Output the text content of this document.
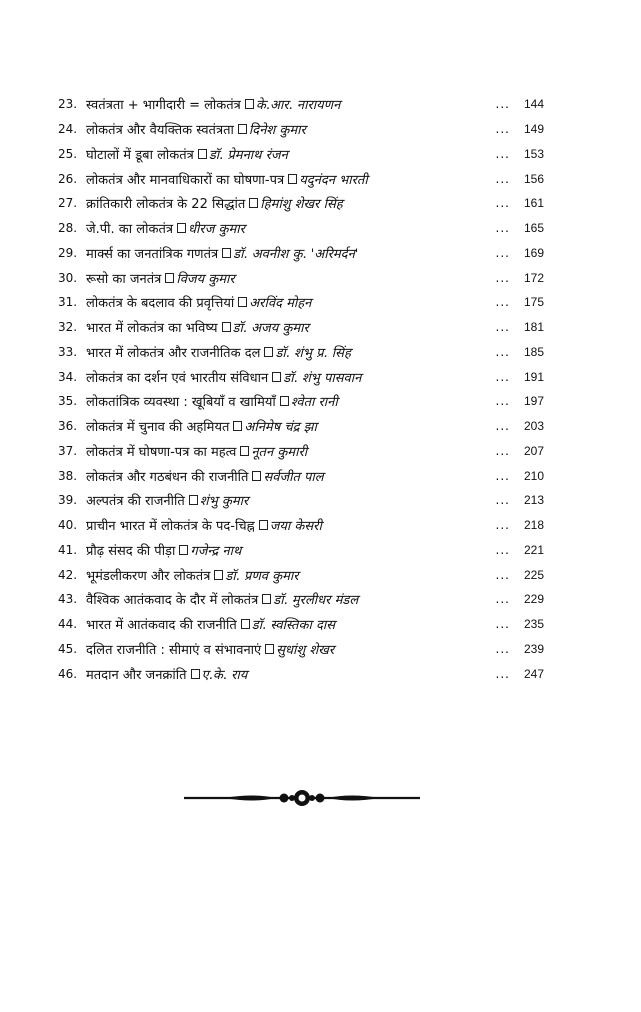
23. स्वतंत्रता + भागीदारी = लोकतंत्र के.आर. नारायणन	...	144
24. लोकतंत्र और वैयक्तिक स्वतंत्रता दिनेश कुमार	...	149
25. घोटालों में डूबा लोकतंत्र डॉ. प्रेमनाथ रंजन	...	153
26. लोकतंत्र और मानवाधिकारों का घोषणा-पत्र यदुनंदन भारती	...	156
27. क्रांतिकारी लोकतंत्र के 22 सिद्धांत हिमांशु शेखर सिंह	...	161
28. जे.पी. का लोकतंत्र धीरज कुमार	...	165
29. मार्क्स का जनतांत्रिक गणतंत्र डॉ. अवनीश कु. 'अरिमर्दन'	...	169
30. रूसो का जनतंत्र विजय कुमार	...	172
31. लोकतंत्र के बदलाव की प्रवृत्तियां अरविंद मोहन	...	175
32. भारत में लोकतंत्र का भविष्य डॉ. अजय कुमार	...	181
33. भारत में लोकतंत्र और राजनीतिक दल डॉ. शंभु प्र. सिंह	...	185
34. लोकतंत्र का दर्शन एवं भारतीय संविधान डॉ. शंभु पासवान	...	191
35. लोकतांत्रिक व्यवस्था : खूबियाँ व खामियाँ श्वेता रानी	...	197
36. लोकतंत्र में चुनाव की अहमियत अनिमेष चंद्र झा	...	203
37. लोकतंत्र में घोषणा-पत्र का महत्व नूतन कुमारी	...	207
38. लोकतंत्र और गठबंधन की राजनीति सर्वजीत पाल	...	210
39. अल्पतंत्र की राजनीति शंभु कुमार	...	213
40. प्राचीन भारत में लोकतंत्र के पद-चिह्न जया केसरी	...	218
41. प्रौढ़ संसद की पीड़ा गजेन्द्र नाथ	...	221
42. भूमंडलीकरण और लोकतंत्र डॉ. प्रणव कुमार	...	225
43. वैश्विक आतंकवाद के दौर में लोकतंत्र डॉ. मुरलीधर मंडल	...	229
44. भारत में आतंकवाद की राजनीति डॉ. स्वस्तिका दास	...	235
45. दलित राजनीति : सीमाएं व संभावनाएं सुधांशु शेखर	...	239
46. मतदान और जनक्रांति ए.के. राय	...	247
